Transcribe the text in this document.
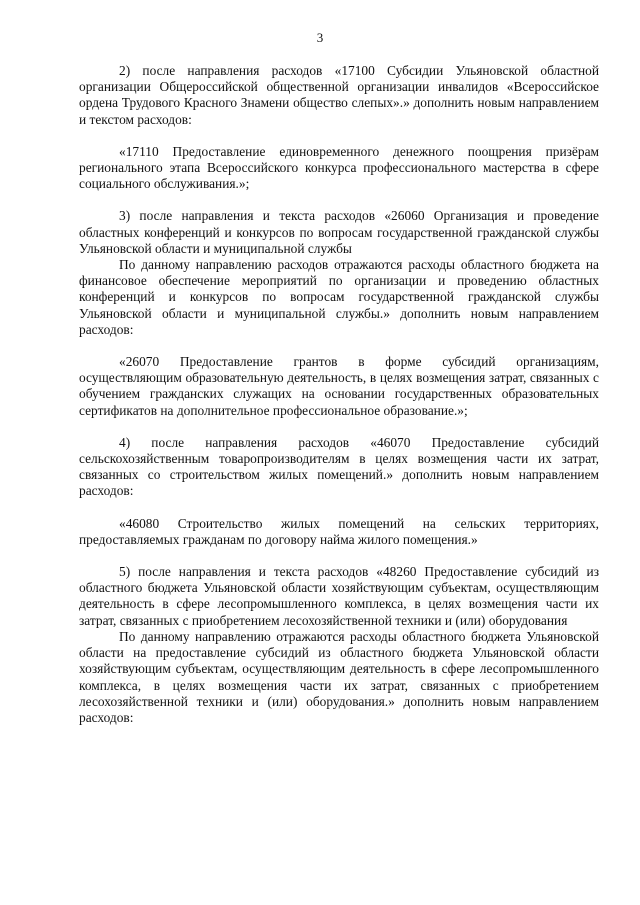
3

2) после направления расходов «17100 Субсидии Ульяновской областной организации Общероссийской общественной организации инвалидов «Всероссийское ордена Трудового Красного Знамени общество слепых».» дополнить новым направлением и текстом расходов:

«17110 Предоставление единовременного денежного поощрения призёрам регионального этапа Всероссийского конкурса профессионального мастерства в сфере социального обслуживания.»;

3) после направления и текста расходов «26060 Организация и проведение областных конференций и конкурсов по вопросам государственной гражданской службы Ульяновской области и муниципальной службы

По данному направлению расходов отражаются расходы областного бюджета на финансовое обеспечение мероприятий по организации и проведению областных конференций и конкурсов по вопросам государственной гражданской службы Ульяновской области и муниципальной службы.» дополнить новым направлением расходов:

«26070 Предоставление грантов в форме субсидий организациям, осуществляющим образовательную деятельность, в целях возмещения затрат, связанных с обучением гражданских служащих на основании государственных образовательных сертификатов на дополнительное профессиональное образование.»;

4) после направления расходов «46070 Предоставление субсидий сельскохозяйственным товаропроизводителям в целях возмещения части их затрат, связанных со строительством жилых помещений.» дополнить новым направлением расходов:

«46080 Строительство жилых помещений на сельских территориях, предоставляемых гражданам по договору найма жилого помещения.»

5) после направления и текста расходов «48260 Предоставление субсидий из областного бюджета Ульяновской области хозяйствующим субъектам, осуществляющим деятельность в сфере лесопромышленного комплекса, в целях возмещения части их затрат, связанных с приобретением лесохозяйственной техники и (или) оборудования

По данному направлению отражаются расходы областного бюджета Ульяновской области на предоставление субсидий из областного бюджета Ульяновской области хозяйствующим субъектам, осуществляющим деятельность в сфере лесопромышленного комплекса, в целях возмещения части их затрат, связанных с приобретением лесохозяйственной техники и (или) оборудования.» дополнить новым направлением расходов:
